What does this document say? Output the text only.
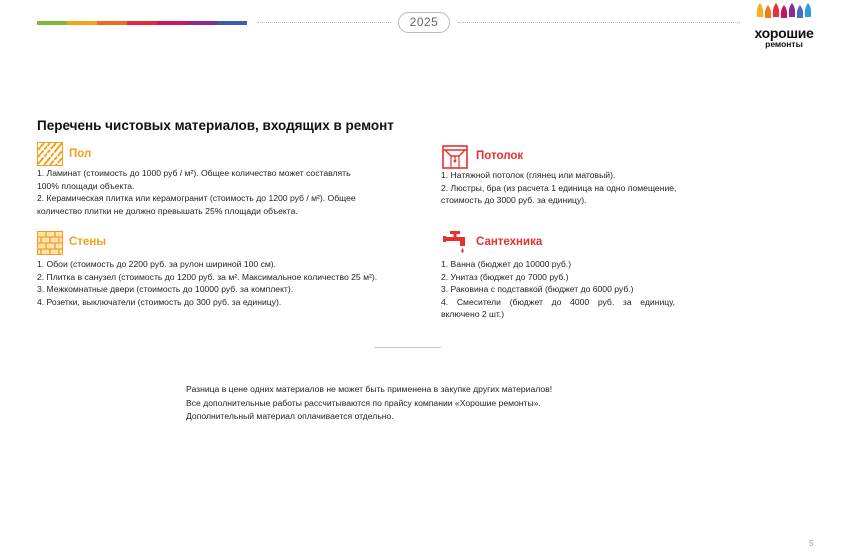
2025
хорошие
ремонты
Перечень чистовых материалов, входящих в ремонт
Пол
1. Ламинат (стоимость до 1000 руб / м²). Общее количество может составлять
100% площади объекта.
2. Керамическая плитка или керамогранит (стоимость до 1200 руб / м²). Общее
количество плитки не должно превышать 25% площади объекта.
Стены
1. Обои (стоимость до 2200 руб. за рулон шириной 100 см).
2. Плитка в санузел (стоимость до 1200 руб. за м². Максимальное количество 25 м²).
3. Межкомнатные двери (стоимость до 10000 руб. за комплект).
4. Розетки, выключатели (стоимость до 300 руб. за единицу).
Потолок
1. Натяжной потолок (глянец или матовый).
2. Люстры, бра (из расчета 1 единица на одно помещение,
стоимость до 3000 руб. за единицу).
Сантехника
1. Ванна (бюджет до 10000 руб.)
2. Унитаз (бюджет до 7000 руб.)
3. Раковина с подставкой (бюджет до 6000 руб.)
4. Смесители (бюджет до 4000 руб. за единицу,
включено 2 шт.)
Разница в цене одних материалов не может быть применена в закупке других материалов!
Все дополнительные работы рассчитываются по прайсу компании «Хорошие ремонты».
Дополнительный материал оплачивается отдельно.
5
